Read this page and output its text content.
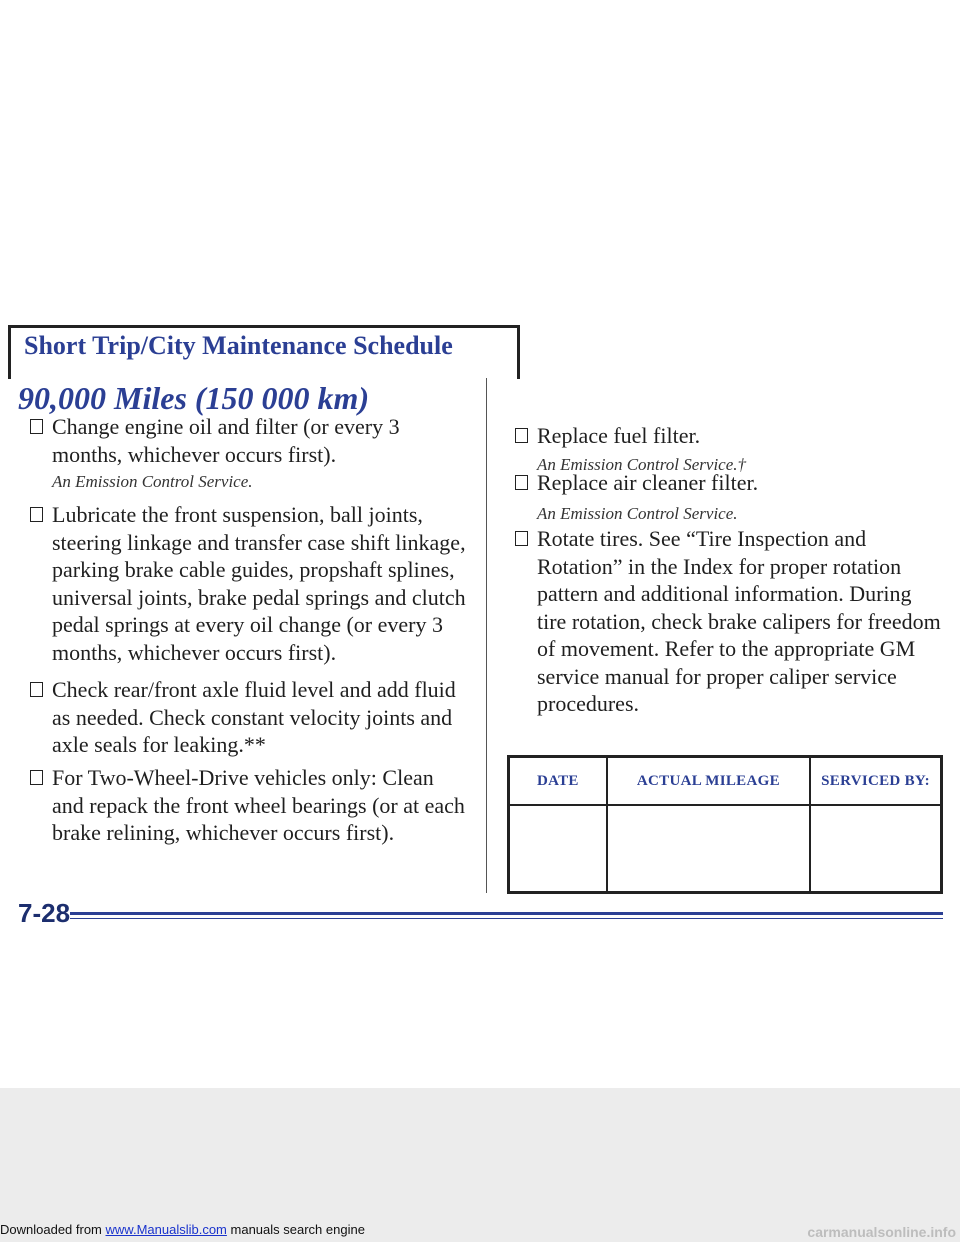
Short Trip/City Maintenance Schedule
90,000 Miles (150 000 km)
Change engine oil and filter (or every 3 months, whichever occurs first).
An Emission Control Service.
Lubricate the front suspension, ball joints, steering linkage and transfer case shift linkage, parking brake cable guides, propshaft splines, universal joints, brake pedal springs and clutch pedal springs at every oil change (or every 3 months, whichever occurs first).
Check rear/front axle fluid level and add fluid as needed. Check constant velocity joints and axle seals for leaking.**
For Two-Wheel-Drive vehicles only: Clean and repack the front wheel bearings (or at each brake relining, whichever occurs first).
Replace fuel filter.
An Emission Control Service.†
Replace air cleaner filter.
An Emission Control Service.
Rotate tires. See “Tire Inspection and Rotation” in the Index for proper rotation pattern and additional information. During tire rotation, check brake calipers for freedom of movement. Refer to the appropriate GM service manual for proper caliper service procedures.
DATE	ACTUAL MILEAGE	SERVICED BY:

7-28
Downloaded from www.Manualslib.com manuals search engine	carmanualsonline.info
